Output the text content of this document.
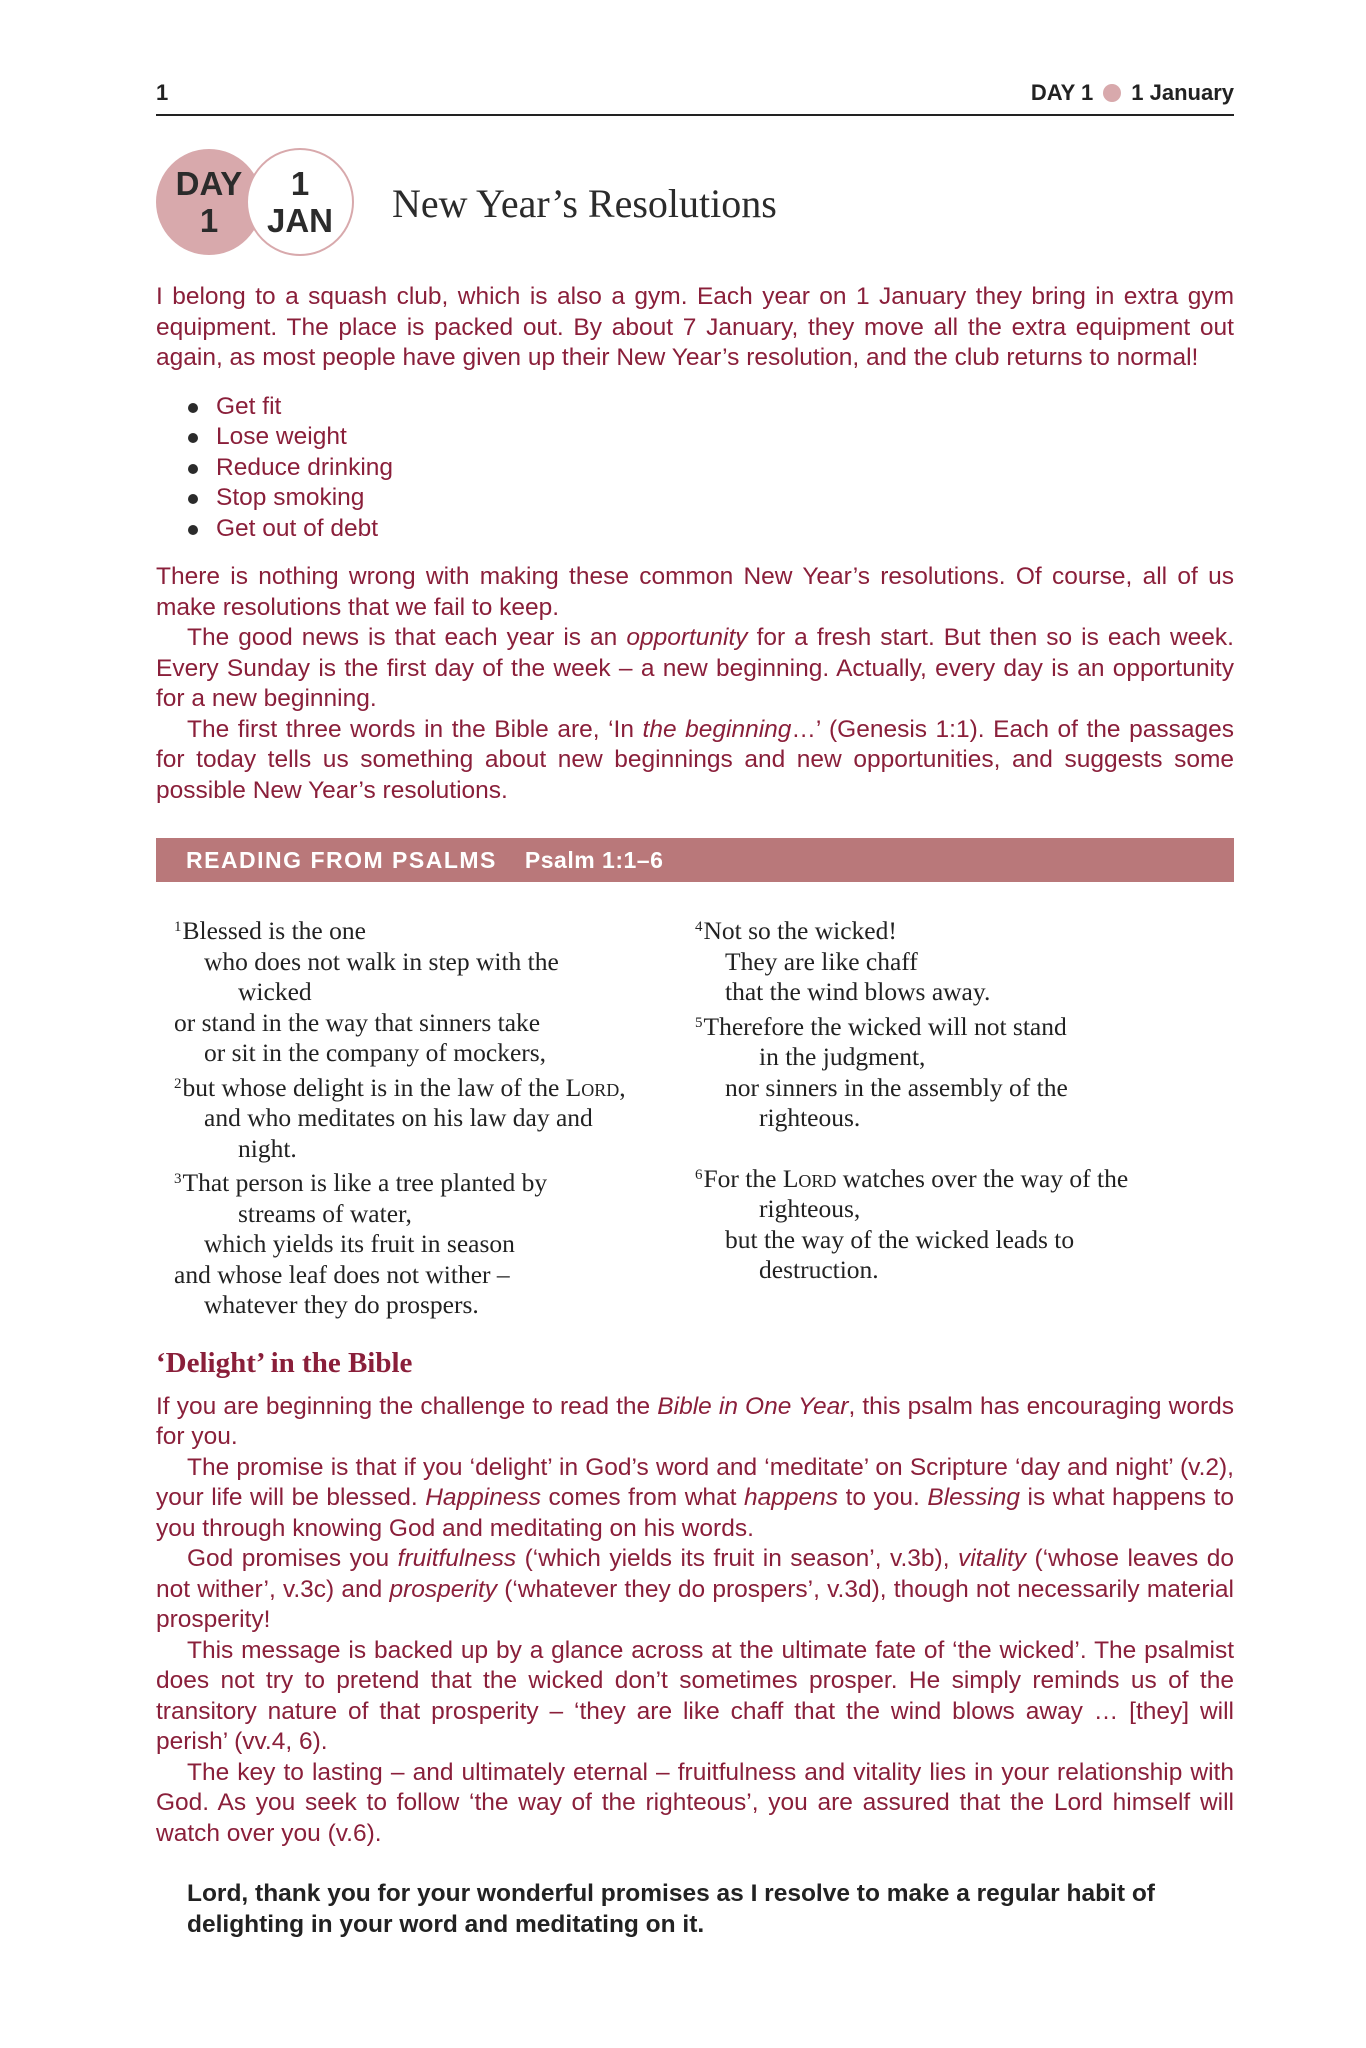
1	DAY 1 1 January
DAY
1
1
JAN New Year’s Resolutions

I belong to a squash club, which is also a gym. Each year on 1 January they bring in extra gym equipment. The place is packed out. By about 7 January, they move all the extra equipment out again, as most people have given up their New Year’s resolution, and the club returns to normal!

Get fit
Lose weight
Reduce drinking
Stop smoking
Get out of debt

There is nothing wrong with making these common New Year’s resolutions. Of course, all of us make resolutions that we fail to keep.

The good news is that each year is an opportunity for a fresh start. But then so is each week. Every Sunday is the first day of the week – a new beginning. Actually, every day is an opportunity for a new beginning.

The first three words in the Bible are, ‘In the beginning…’ (Genesis 1:1). Each of the passages for today tells us something about new beginnings and new opportunities, and suggests some possible New Year’s resolutions.

READING FROM PSALMS Psalm 1:1–6
$^1$Blessed is the one
who does not walk in step with the
wicked
or stand in the way that sinners take
or sit in the company of mockers,
$^2$but whose delight is in the law of the Lord,
and who meditates on his law day and
night.
$^3$That person is like a tree planted by
streams of water,
which yields its fruit in season
and whose leaf does not wither –
whatever they do prospers.
$^4$Not so the wicked!
They are like chaff
that the wind blows away.
$^5$Therefore the wicked will not stand
in the judgment,
nor sinners in the assembly of the
righteous.
$^6$For the Lord watches over the way of the
righteous,
but the way of the wicked leads to
destruction.
‘Delight’ in the Bible

If you are beginning the challenge to read the Bible in One Year, this psalm has encouraging words for you.

The promise is that if you ‘delight’ in God’s word and ‘meditate’ on Scripture ‘day and night’ (v.2), your life will be blessed. Happiness comes from what happens to you. Blessing is what happens to you through knowing God and meditating on his words.

God promises you fruitfulness (‘which yields its fruit in season’, v.3b), vitality (‘whose leaves do not wither’, v.3c) and prosperity (‘whatever they do prospers’, v.3d), though not necessarily material prosperity!

This message is backed up by a glance across at the ultimate fate of ‘the wicked’. The psalmist does not try to pretend that the wicked don’t sometimes prosper. He simply reminds us of the transitory nature of that prosperity – ‘they are like chaff that the wind blows away … [they] will perish’ (vv.4, 6).

The key to lasting – and ultimately eternal – fruitfulness and vitality lies in your relationship with God. As you seek to follow ‘the way of the righteous’, you are assured that the Lord himself will watch over you (v.6).

Lord, thank you for your wonderful promises as I resolve to make a regular habit of delighting in your word and meditating on it.
